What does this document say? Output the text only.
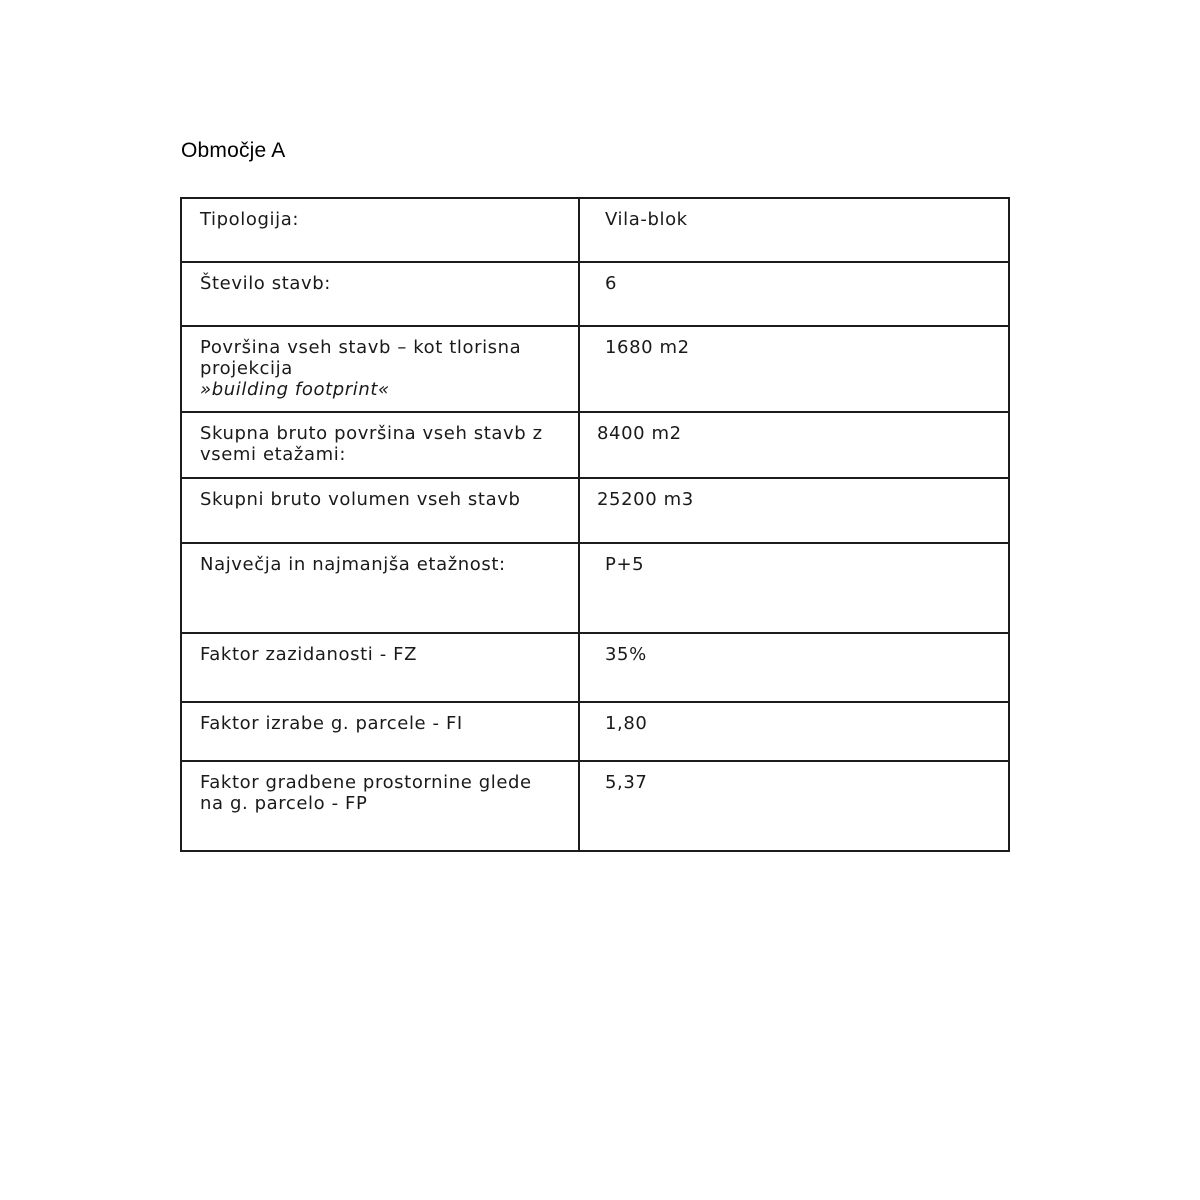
Območje A
Tipologija:	Vila-blok

Število stavb:	6

Površina vseh stavb – kot tlorisna projekcija
»building footprint«	1680 m2

Skupna bruto površina vseh stavb z vsemi etažami:	8400 m2

Skupni bruto volumen vseh stavb	25200 m3

Največja in najmanjša etažnost:	P+5

Faktor zazidanosti - FZ	35%

Faktor izrabe g. parcele - FI	1,80

Faktor gradbene prostornine glede na g. parcelo - FP	5,37
